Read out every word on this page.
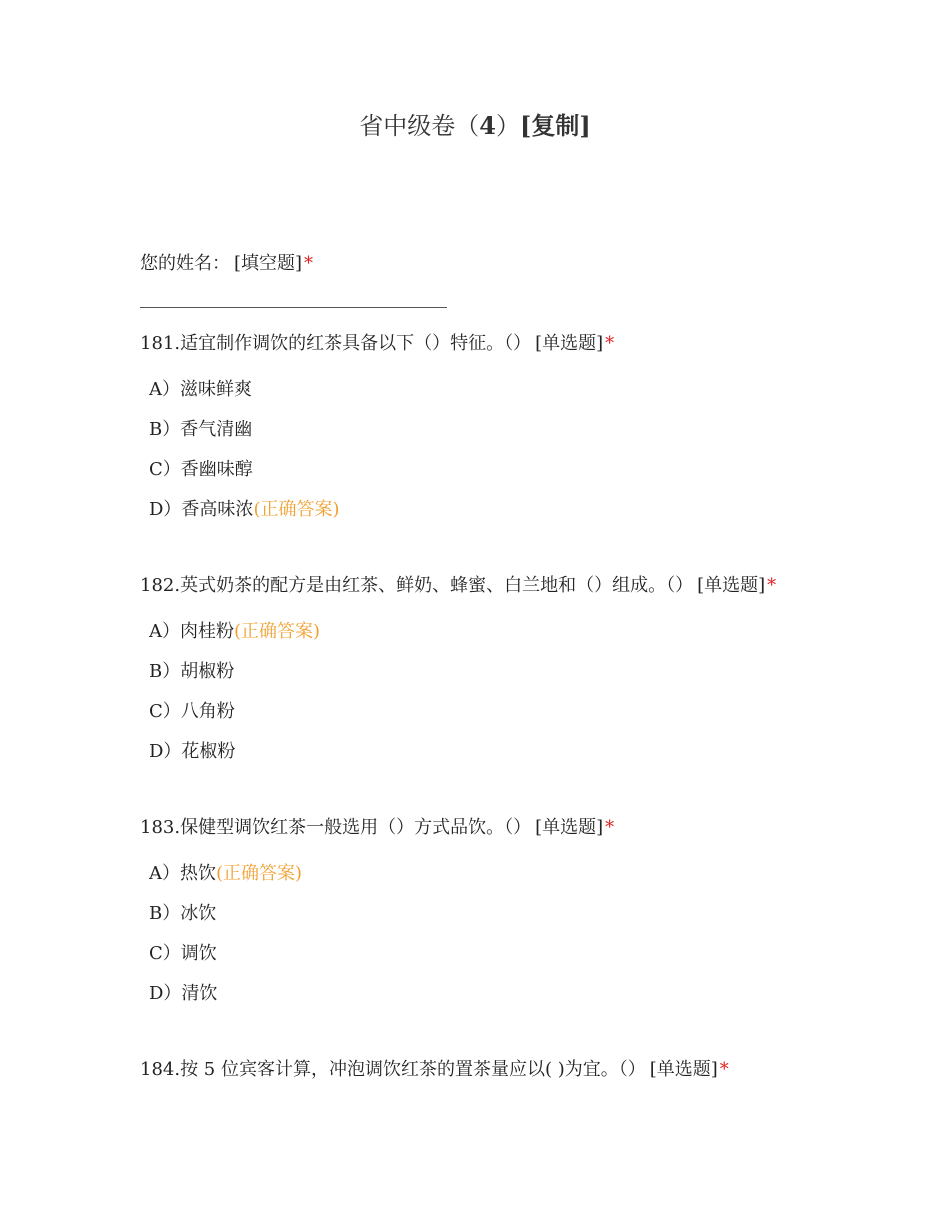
省中级卷（4）[复制]
您的姓名： [填空题] *
181.适宜制作调饮的红茶具备以下（）特征。（） [单选题] *
A）滋味鲜爽
B）香气清幽
C）香幽味醇
D）香高味浓(正确答案)
182.英式奶茶的配方是由红茶、鲜奶、蜂蜜、白兰地和（）组成。（） [单选题] *
A）肉桂粉(正确答案)
B）胡椒粉
C）八角粉
D）花椒粉
183.保健型调饮红茶一般选用（）方式品饮。（） [单选题] *
A）热饮(正确答案)
B）冰饮
C）调饮
D）清饮
184.按 5 位宾客计算，冲泡调饮红茶的置茶量应以( )为宜。（） [单选题] *
